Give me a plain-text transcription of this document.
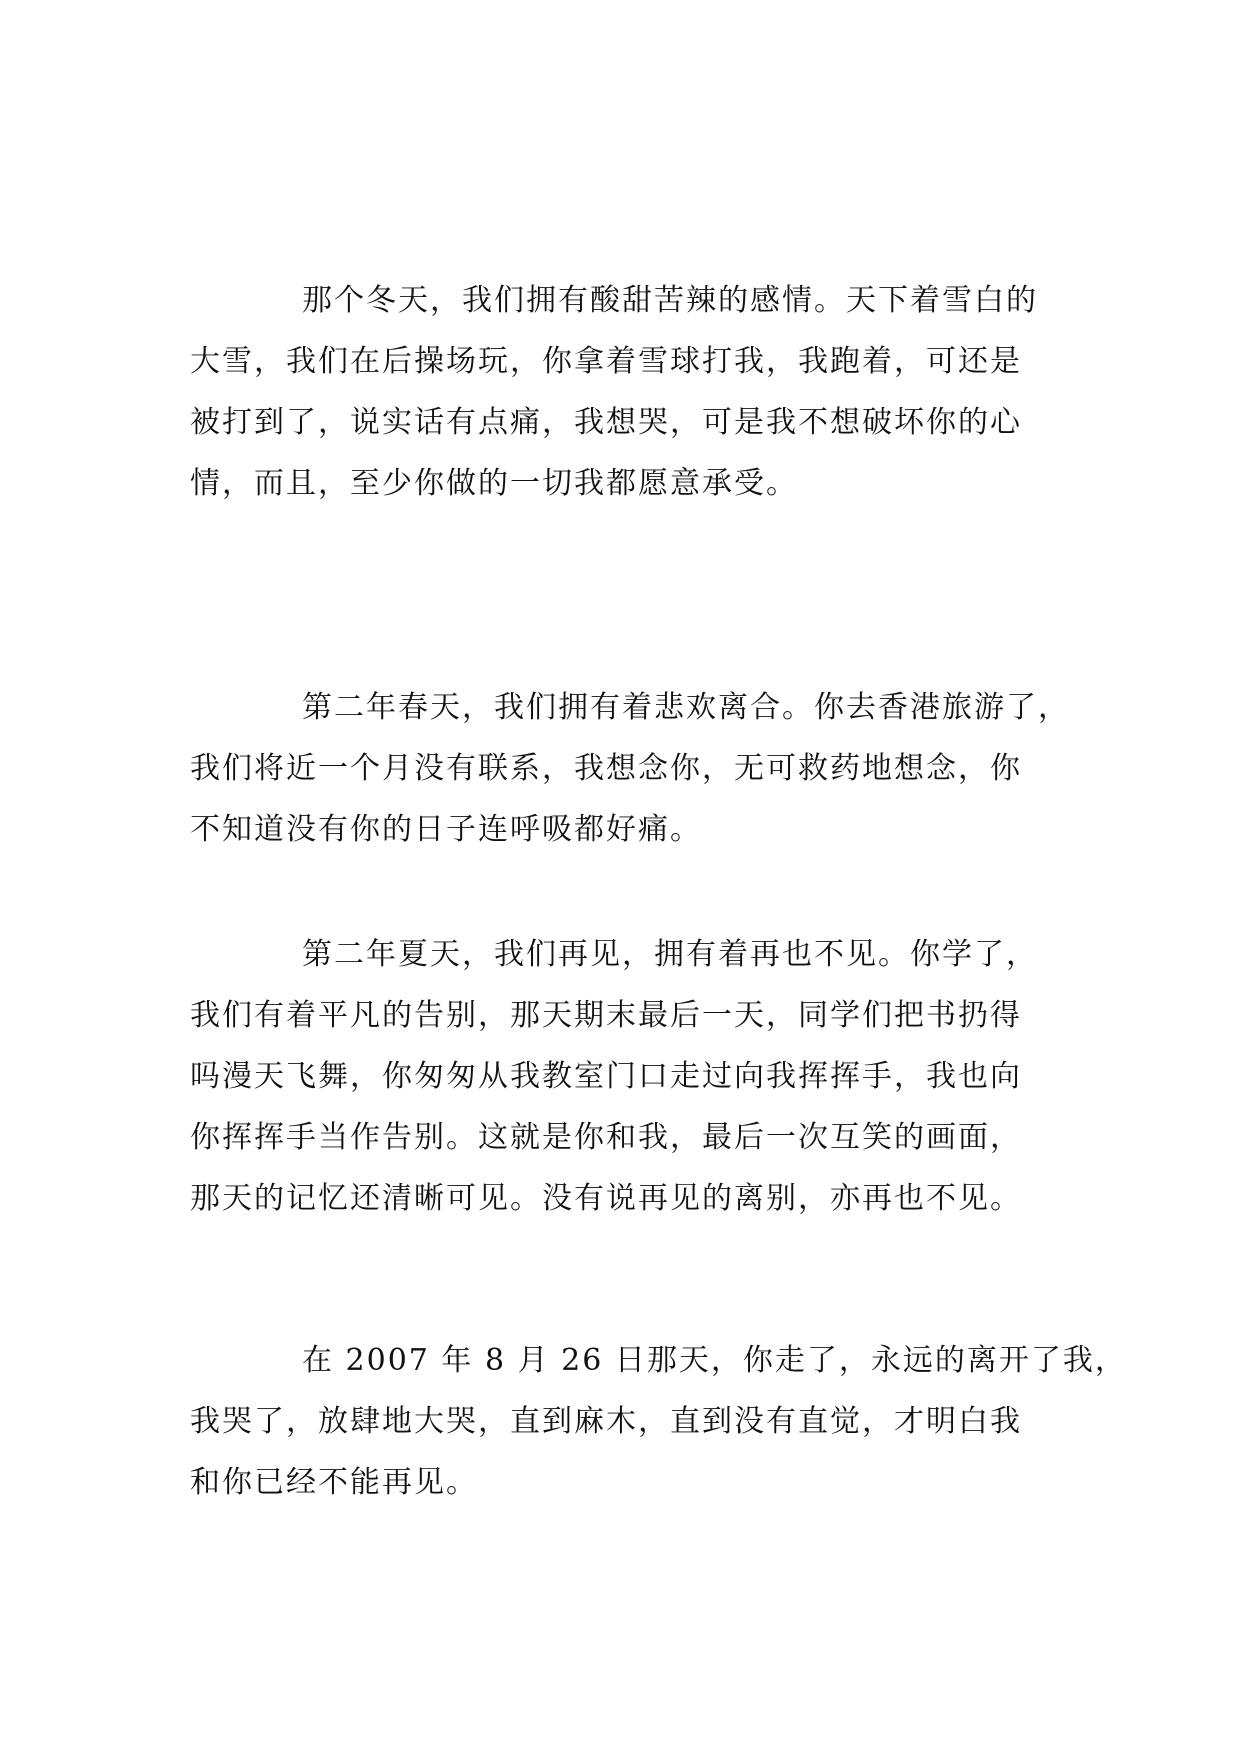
那个冬天，我们拥有酸甜苦辣的感情。天下着雪白的
大雪，我们在后操场玩，你拿着雪球打我，我跑着，可还是
被打到了，说实话有点痛，我想哭，可是我不想破坏你的心
情，而且，至少你做的一切我都愿意承受。
第二年春天，我们拥有着悲欢离合。你去香港旅游了，
我们将近一个月没有联系，我想念你，无可救药地想念，你
不知道没有你的日子连呼吸都好痛。
第二年夏天，我们再见，拥有着再也不见。你学了，
我们有着平凡的告别，那天期末最后一天，同学们把书扔得
吗漫天飞舞，你匆匆从我教室门口走过向我挥挥手，我也向
你挥挥手当作告别。这就是你和我，最后一次互笑的画面，
那天的记忆还清晰可见。没有说再见的离别，亦再也不见。
在 2007 年 8 月 26 日那天，你走了，永远的离开了我，
我哭了，放肆地大哭，直到麻木，直到没有直觉，才明白我
和你已经不能再见。
